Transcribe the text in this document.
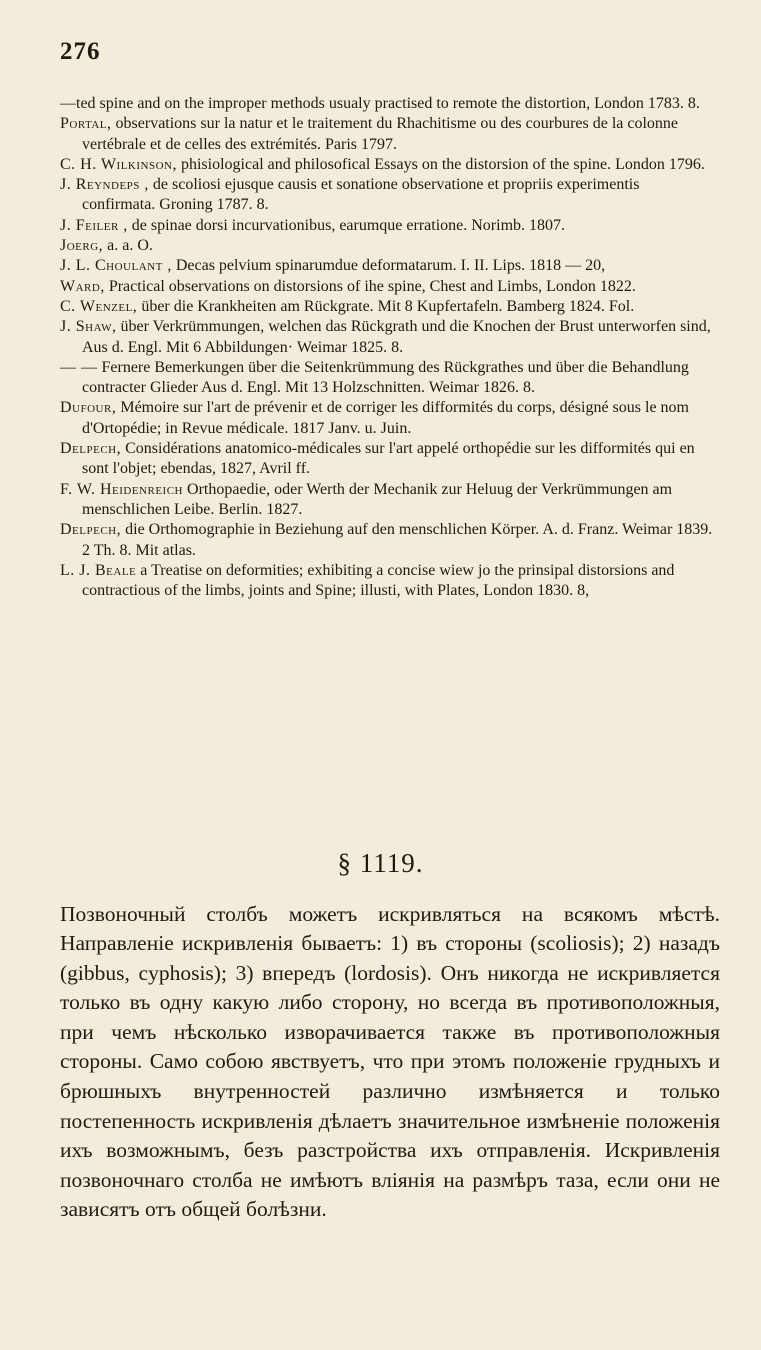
276

—ted spine and on the improper methods usualy practised to remote the distortion, London 1783. 8.

Portal, observations sur la natur et le traitement du Rhachitisme ou des courbures de la colonne vertébrale et de celles des extrémités. Paris 1797.

C. H. Wilkinson, phisiological and philosofical Essays on the distorsion of the spine. London 1796.

J. Reyndeрs , de scoliosi ejusque causis et sonatione observatione et propriis experimentis confirmata. Groning 1787. 8.

J. Feiler , de spinae dorsi incurvationibus, earumque errationе. Norimb. 1807.

Joerg, a. a. O.

J. L. Choulant , Decas pelvium spinarumdue deformatarum. I. II. Lips. 1818 — 20,

Ward, Practical observations on distorsions of ihe spine, Chest and Limbs, London 1822.

C. Wenzel, über die Krankheiten am Rückgrate. Mit 8 Kupfertafeln. Bamberg 1824. Fol.

J. Shaw, über Verkrümmungen, welchen das Rückgrath und die Knochen der Brust unterworfen sind, Aus d. Engl. Mit 6 Abbildungen· Weimar 1825. 8.

— — Fernere Bemerkungen über die Seitenkrümmung des Rückgrathes und über die Behandlung contracter Glieder Aus d. Engl. Mit 13 Holzschnitten. Weimar 1826. 8.

Dufour, Mémoire sur l'art de prévenir et de corriger les difformités du corps, désigné sous le nom d'Ortopédie; in Revue médicale. 1817 Janv. u. Juin.

Delpech, Considérations anatomico-médicales sur l'art appelé orthopédie sur les difformités qui en sont l'objet; ebendas, 1827, Avril ff.

F. W. Heidenreich Orthopaedie, oder Werth der Mechanik zur Heluug der Verkrümmungen am menschlichen Leibe. Berlin. 1827.

Delpech, die Orthomographie in Beziehung auf den menschlichen Körper. A. d. Franz. Weimar 1839. 2 Th. 8. Mit atlas.

L. J. Beale a Treatise on deformities; exhibiting a concise wiew jo the prinsipal distorsions and contractious of the limbs, joints and Spine; illusti, with Plates, London 1830. 8,

§ 1119.

Позвоночный столбъ можетъ искривляться на всякомъ мѣстѣ. Направленіе искривленія бываетъ: 1) въ стороны (scoliosis); 2) назадъ (gibbus, cyphosis); 3) впередъ (lordosis). Онъ никогда не искривляется только въ одну какую либо сторону, но всегда въ противоположныя, при чемъ нѣсколько изворачивается также въ противоположныя стороны. Само собою явствуетъ, что при этомъ положеніе грудныхъ и брюшныхъ внутренностей различно измѣняется и только постепенность искривленія дѣлаетъ значительное измѣненіе положенія ихъ возможнымъ, безъ разстройства ихъ отправленія. Искривленія позвоночнаго столба не имѣютъ вліянія на размѣръ таза, если они не зависятъ отъ общей болѣзни.
